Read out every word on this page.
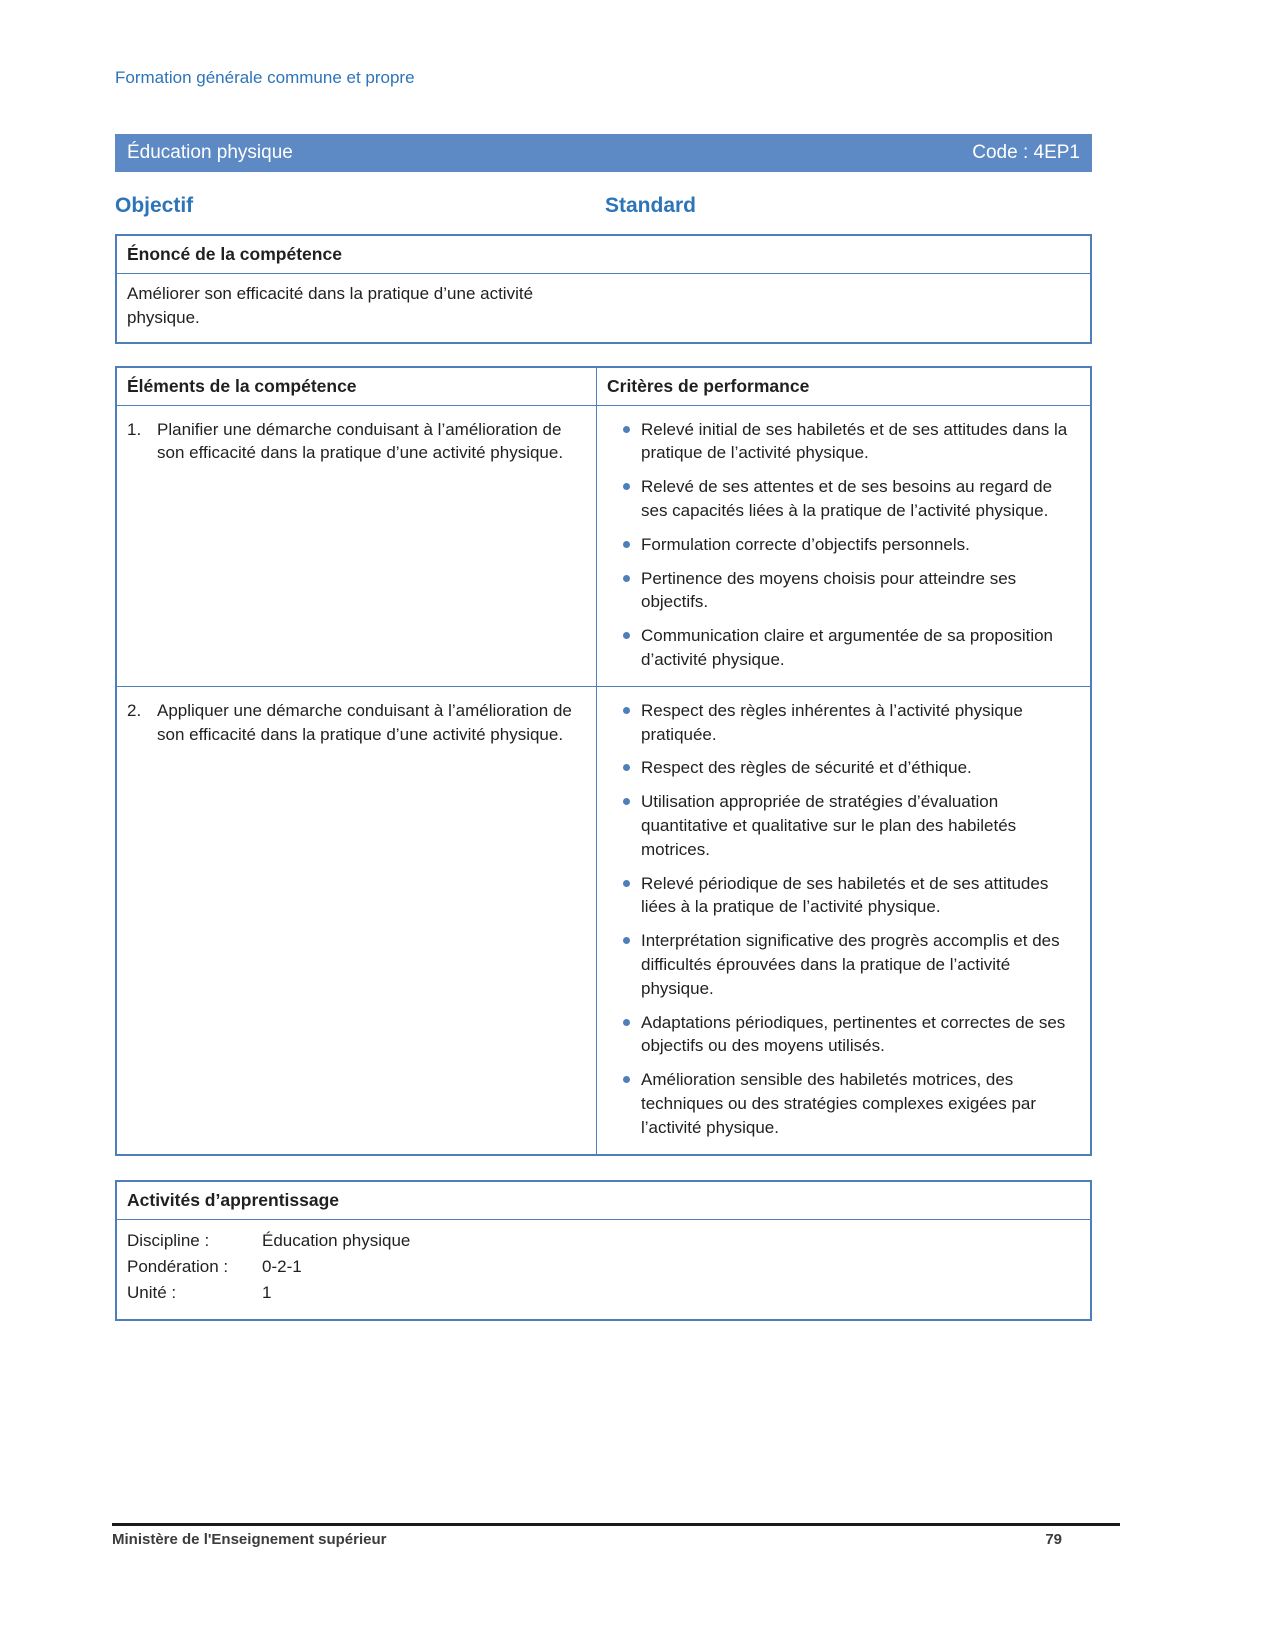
Formation générale commune et propre
Éducation physique	Code : 4EP1
Objectif	Standard
Énoncé de la compétence
Améliorer son efficacité dans la pratique d’une activité physique.
Éléments de la compétence	Critères de performance
1. Planifier une démarche conduisant à l’amélioration de son efficacité dans la pratique d’une activité physique.
Relevé initial de ses habiletés et de ses attitudes dans la pratique de l’activité physique.
Relevé de ses attentes et de ses besoins au regard de ses capacités liées à la pratique de l’activité physique.
Formulation correcte d’objectifs personnels.
Pertinence des moyens choisis pour atteindre ses objectifs.
Communication claire et argumentée de sa proposition d’activité physique.
2. Appliquer une démarche conduisant à l’amélioration de son efficacité dans la pratique d’une activité physique.
Respect des règles inhérentes à l’activité physique pratiquée.
Respect des règles de sécurité et d’éthique.
Utilisation appropriée de stratégies d’évaluation quantitative et qualitative sur le plan des habiletés motrices.
Relevé périodique de ses habiletés et de ses attitudes liées à la pratique de l’activité physique.
Interprétation significative des progrès accomplis et des difficultés éprouvées dans la pratique de l’activité physique.
Adaptations périodiques, pertinentes et correctes de ses objectifs ou des moyens utilisés.
Amélioration sensible des habiletés motrices, des techniques ou des stratégies complexes exigées par l’activité physique.
Activités d’apprentissage
Discipline :	Éducation physique
Pondération :	0-2-1
Unité :	1
Ministère de l'Enseignement supérieur	79
